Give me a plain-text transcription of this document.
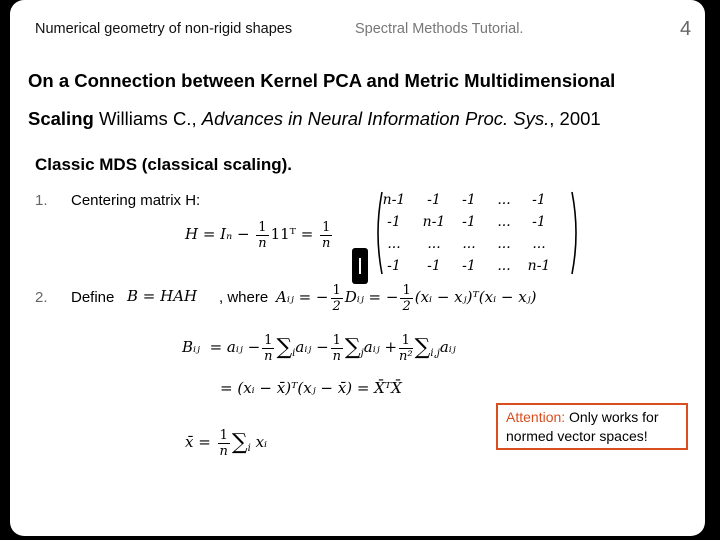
Numerical geometry of non-rigid shapes	Spectral Methods Tutorial.
On a Connection between Kernel PCA and Metric Multidimensional
Scaling Williams C., Advances in Neural Information Proc. Sys., 2001
Classic MDS (classical scaling).
1. Centering matrix H:
$H = I_n - \frac{1}{n}$ 11ᵀ = $\frac{1}{n}$
n-1	-1	-1	...	-1
-1	n-1	-1	...	-1
...	...	...	...	...
-1	-1	-1	...	n-1
2. Define B = HAH , where Aᵢⱼ = − $\frac{1}{2}$ Dᵢⱼ = − $\frac{1}{2}$ (xᵢ − xⱼ)ᵀ(xᵢ − xⱼ)
Bᵢⱼ = aᵢⱼ − $\frac{1}{n}$ $\sum_iaᵢⱼ - \frac{1}{n}$ $\sum_jaᵢⱼ + \frac{1}{\text{n²}}$ $\sum_{i,j}aᵢⱼ$
= (xᵢ − x̄)ᵀ(xⱼ − x̄) = X̄ᵀX̄
x̄ = $\frac{1}{n} \sum_i$ xᵢ
Attention: Only works for normed vector spaces!
4
